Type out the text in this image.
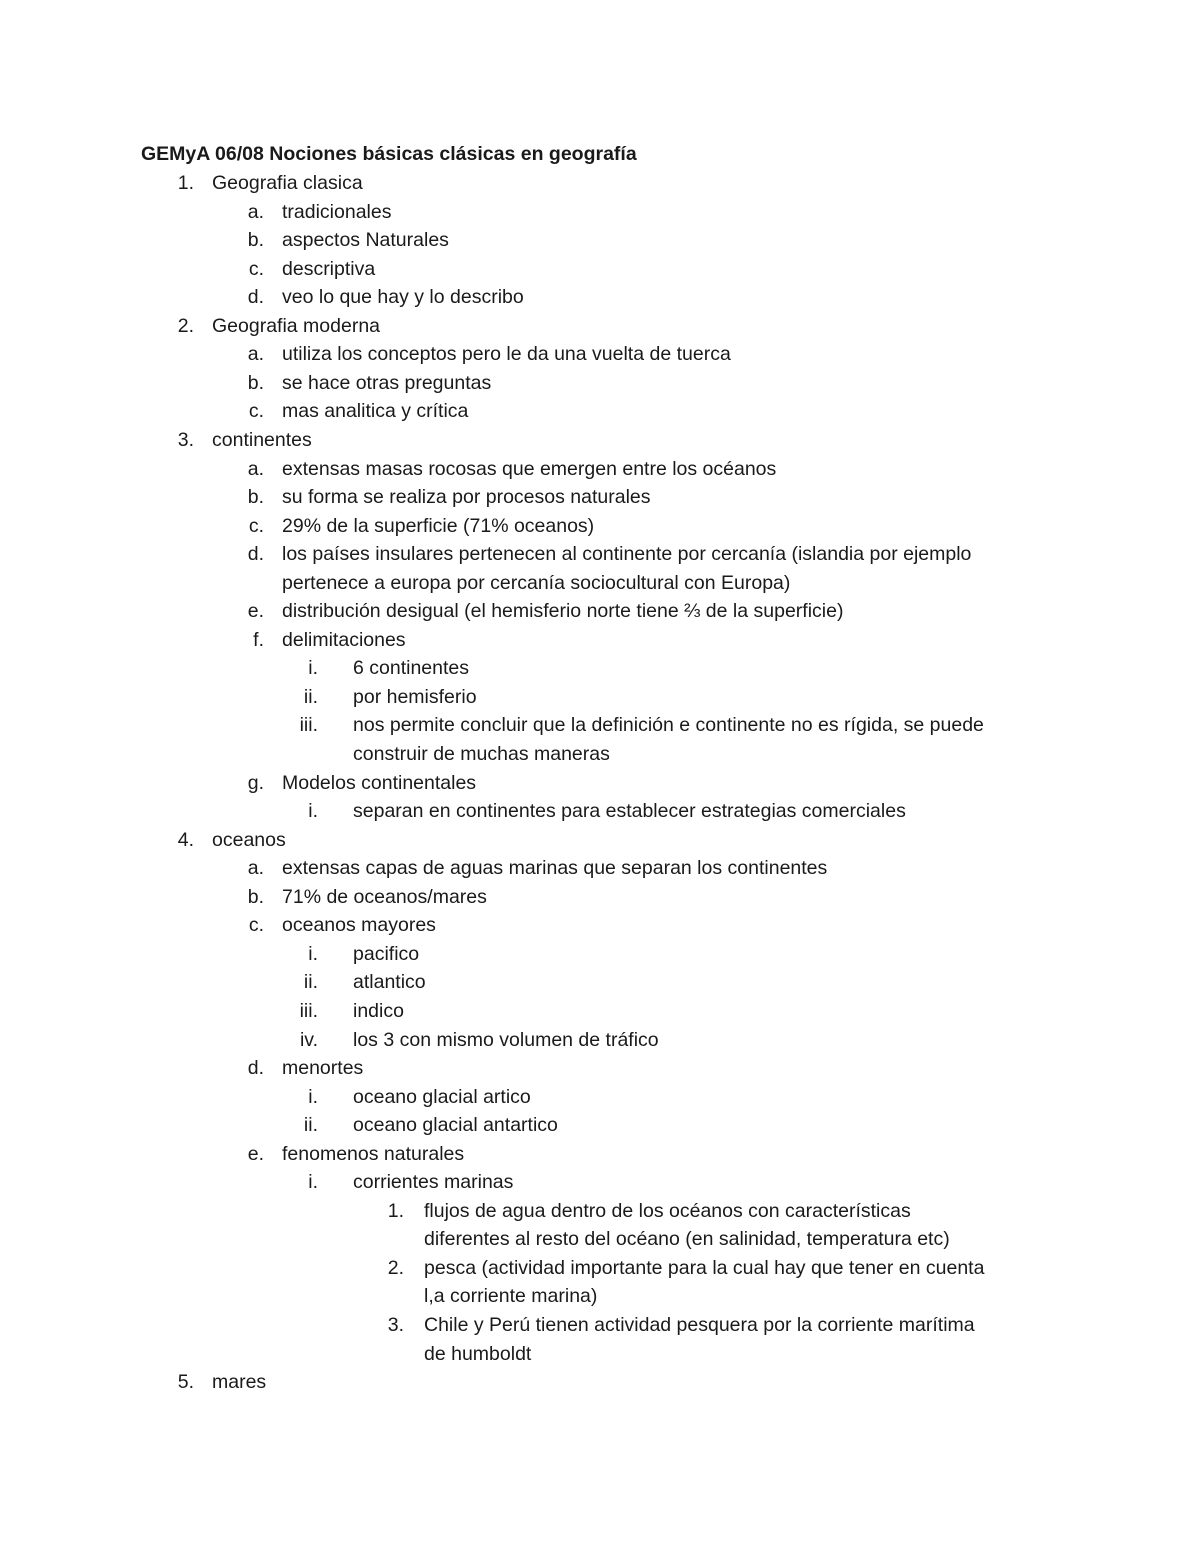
GEMyA 06/08 Nociones básicas clásicas en geografía
1. Geografia clasica
a. tradicionales
b. aspectos Naturales
c. descriptiva
d. veo lo que hay y lo describo
2. Geografia moderna
a. utiliza los conceptos pero le da una vuelta de tuerca
b. se hace otras preguntas
c. mas analitica y crítica
3. continentes
a. extensas masas rocosas que emergen entre los océanos
b. su forma se realiza por procesos naturales
c. 29% de la superficie (71% oceanos)
d. los países insulares pertenecen al continente por cercanía (islandia por ejemplo
pertenece a europa por cercanía sociocultural con Europa)
e. distribución desigual (el hemisferio norte tiene ⅔ de la superficie)
f. delimitaciones
i. 6 continentes
ii. por hemisferio
iii. nos permite concluir que la definición e continente no es rígida, se puede
construir de muchas maneras
g. Modelos continentales
i. separan en continentes para establecer estrategias comerciales
4. oceanos
a. extensas capas de aguas marinas que separan los continentes
b. 71% de oceanos/mares
c. oceanos mayores
i. pacifico
ii. atlantico
iii. indico
iv. los 3 con mismo volumen de tráfico
d. menortes
i. oceano glacial artico
ii. oceano glacial antartico
e. fenomenos naturales
i. corrientes marinas
1. flujos de agua dentro de los océanos con características
diferentes al resto del océano (en salinidad, temperatura etc)
2. pesca (actividad importante para la cual hay que tener en cuenta
l,a corriente marina)
3. Chile y Perú tienen actividad pesquera por la corriente marítima
de humboldt
5. mares
